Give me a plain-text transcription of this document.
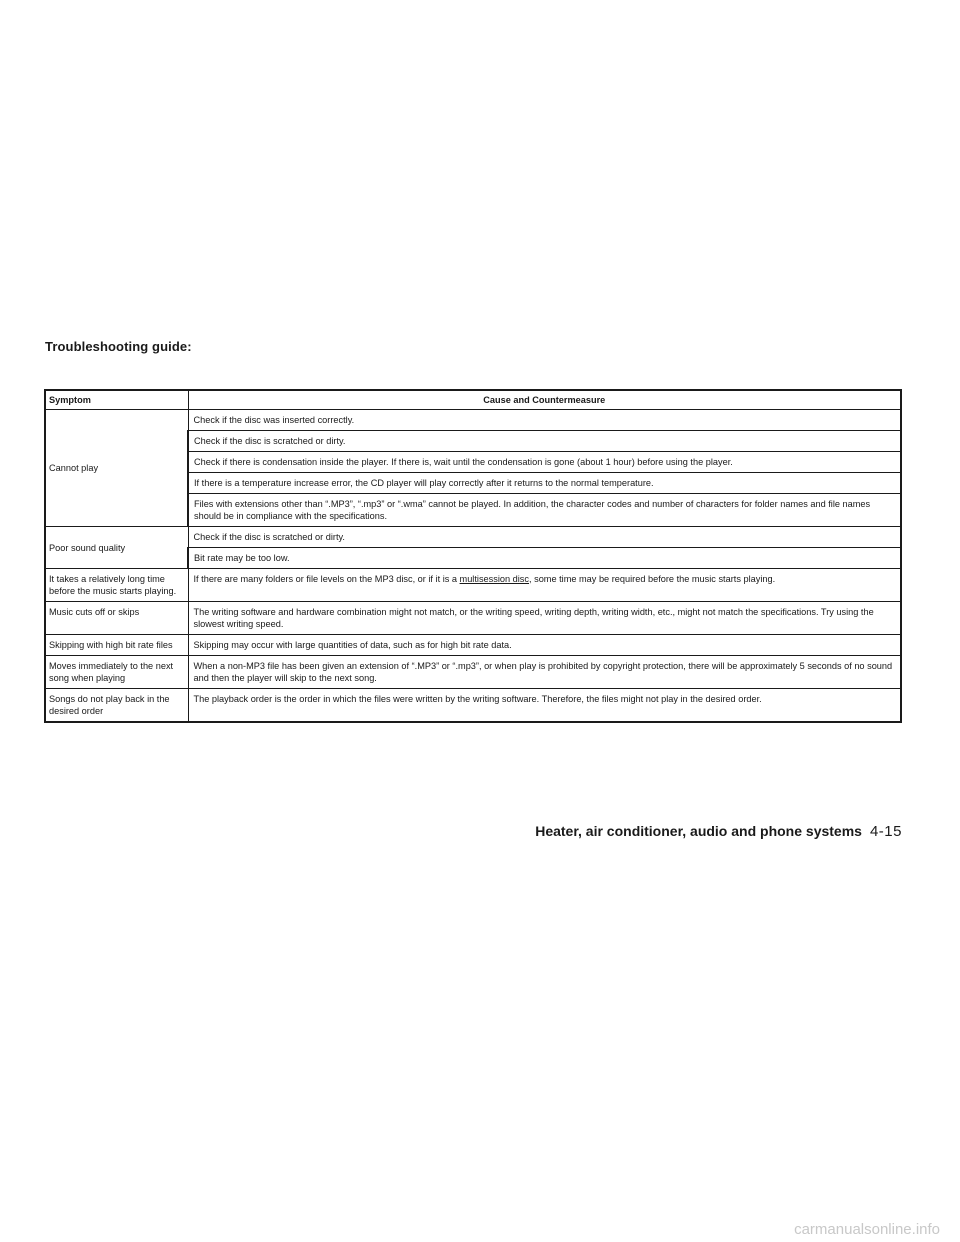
Troubleshooting guide:
Symptom	Cause and Countermeasure
Cannot play	Check if the disc was inserted correctly.
	Check if the disc is scratched or dirty.
	Check if there is condensation inside the player. If there is, wait until the condensation is gone (about 1 hour) before using the player.
	If there is a temperature increase error, the CD player will play correctly after it returns to the normal temperature.
	Files with extensions other than “.MP3”, “.mp3” or “.wma” cannot be played. In addition, the character codes and number of characters for folder names and file names should be in compliance with the specifications.
Poor sound quality	Check if the disc is scratched or dirty.
	Bit rate may be too low.
It takes a relatively long time before the music starts playing.	If there are many folders or file levels on the MP3 disc, or if it is a multisession disc, some time may be required before the music starts playing.
Music cuts off or skips	The writing software and hardware combination might not match, or the writing speed, writing depth, writing width, etc., might not match the specifications. Try using the slowest writing speed.
Skipping with high bit rate files	Skipping may occur with large quantities of data, such as for high bit rate data.
Moves immediately to the next song when playing	When a non-MP3 file has been given an extension of “.MP3” or “.mp3”, or when play is prohibited by copyright protection, there will be approximately 5 seconds of no sound and then the player will skip to the next song.
Songs do not play back in the desired order	The playback order is the order in which the files were written by the writing software. Therefore, the files might not play in the desired order.
Heater, air conditioner, audio and phone systems 4-15
carmanualsonline.info
